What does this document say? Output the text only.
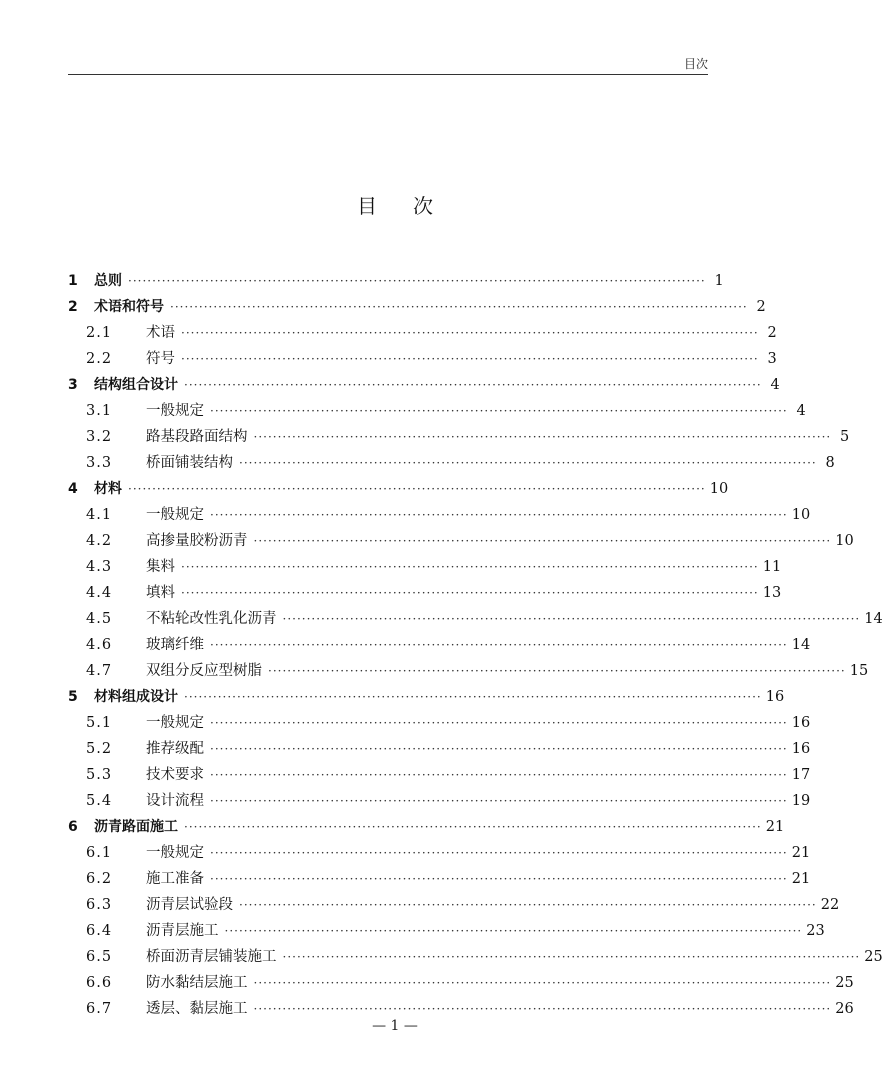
目次
目次
1	总则 ························································································································ 1
2	术语和符号 ························································································································ 2
2.1	术语 ························································································································ 2
2.2	符号 ························································································································ 3
3	结构组合设计 ························································································································ 4
3.1	一般规定 ························································································································ 4
3.2	路基段路面结构 ························································································································ 5
3.3	桥面铺装结构 ························································································································ 8
4	材料 ························································································································ 10
4.1	一般规定 ························································································································ 10
4.2	高掺量胶粉沥青 ························································································································ 10
4.3	集料 ························································································································ 11
4.4	填料 ························································································································ 13
4.5	不粘轮改性乳化沥青 ························································································································ 14
4.6	玻璃纤维 ························································································································ 14
4.7	双组分反应型树脂 ························································································································ 15
5	材料组成设计 ························································································································ 16
5.1	一般规定 ························································································································ 16
5.2	推荐级配 ························································································································ 16
5.3	技术要求 ························································································································ 17
5.4	设计流程 ························································································································ 19
6	沥青路面施工 ························································································································ 21
6.1	一般规定 ························································································································ 21
6.2	施工准备 ························································································································ 21
6.3	沥青层试验段 ························································································································ 22
6.4	沥青层施工 ························································································································ 23
6.5	桥面沥青层铺装施工 ························································································································ 25
6.6	防水黏结层施工 ························································································································ 25
6.7	透层、黏层施工 ························································································································ 26
— 1 —
